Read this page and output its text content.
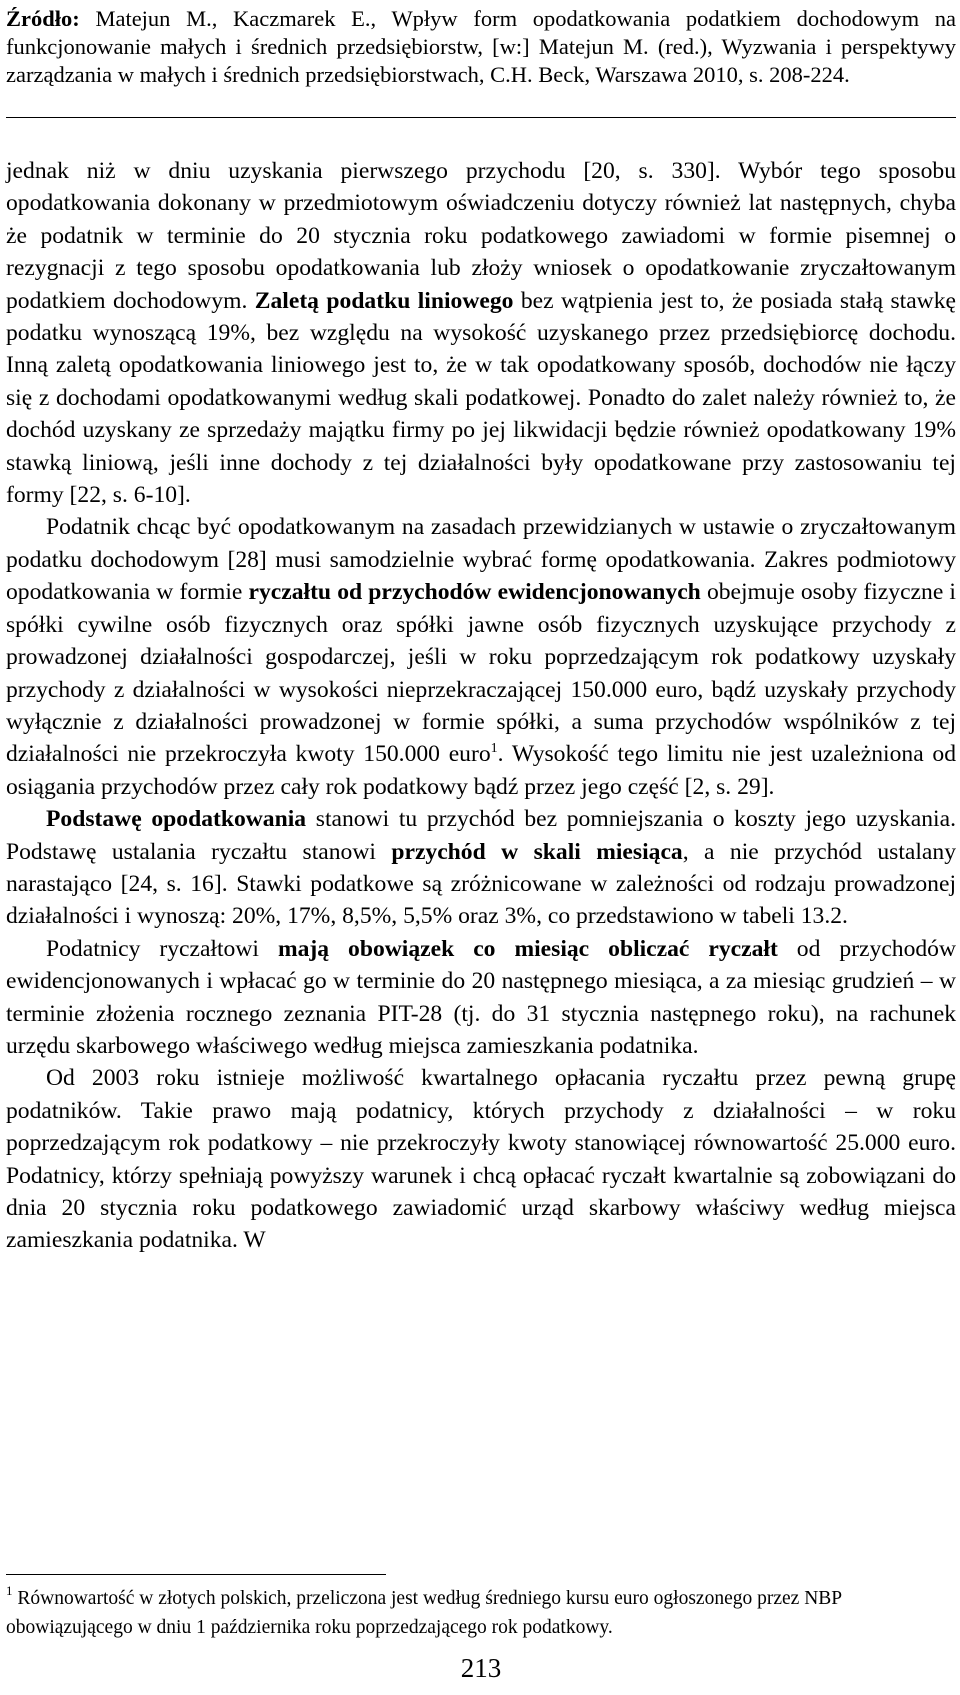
Źródło: Matejun M., Kaczmarek E., Wpływ form opodatkowania podatkiem dochodowym na funkcjonowanie małych i średnich przedsiębiorstw, [w:] Matejun M. (red.), Wyzwania i perspektywy zarządzania w małych i średnich przedsiębiorstwach, C.H. Beck, Warszawa 2010, s. 208-224.

jednak niż w dniu uzyskania pierwszego przychodu [20, s. 330]. Wybór tego sposobu opodatkowania dokonany w przedmiotowym oświadczeniu dotyczy również lat następnych, chyba że podatnik w terminie do 20 stycznia roku podatkowego zawiadomi w formie pisemnej o rezygnacji z tego sposobu opodatkowania lub złoży wniosek o opodatkowanie zryczałtowanym podatkiem dochodowym. Zaletą podatku liniowego bez wątpienia jest to, że posiada stałą stawkę podatku wynoszącą 19%, bez względu na wysokość uzyskanego przez przedsiębiorcę dochodu. Inną zaletą opodatkowania liniowego jest to, że w tak opodatkowany sposób, dochodów nie łączy się z dochodami opodatkowanymi według skali podatkowej. Ponadto do zalet należy również to, że dochód uzyskany ze sprzedaży majątku firmy po jej likwidacji będzie również opodatkowany 19% stawką liniową, jeśli inne dochody z tej działalności były opodatkowane przy zastosowaniu tej formy [22, s. 6-10].

Podatnik chcąc być opodatkowanym na zasadach przewidzianych w ustawie o zryczałtowanym podatku dochodowym [28] musi samodzielnie wybrać formę opodatkowania. Zakres podmiotowy opodatkowania w formie ryczałtu od przychodów ewidencjonowanych obejmuje osoby fizyczne i spółki cywilne osób fizycznych oraz spółki jawne osób fizycznych uzyskujące przychody z prowadzonej działalności gospodarczej, jeśli w roku poprzedzającym rok podatkowy uzyskały przychody z działalności w wysokości nieprzekraczającej 150.000 euro, bądź uzyskały przychody wyłącznie z działalności prowadzonej w formie spółki, a suma przychodów wspólników z tej działalności nie przekroczyła kwoty 150.000 euro$^1$. Wysokość tego limitu nie jest uzależniona od osiągania przychodów przez cały rok podatkowy bądź przez jego część [2, s. 29].

Podstawę opodatkowania stanowi tu przychód bez pomniejszania o koszty jego uzyskania. Podstawę ustalania ryczałtu stanowi przychód w skali miesiąca, a nie przychód ustalany narastająco [24, s. 16]. Stawki podatkowe są zróżnicowane w zależności od rodzaju prowadzonej działalności i wynoszą: 20%, 17%, 8,5%, 5,5% oraz 3%, co przedstawiono w tabeli 13.2.

Podatnicy ryczałtowi mają obowiązek co miesiąc obliczać ryczałt od przychodów ewidencjonowanych i wpłacać go w terminie do 20 następnego miesiąca, a za miesiąc grudzień – w terminie złożenia rocznego zeznania PIT-28 (tj. do 31 stycznia następnego roku), na rachunek urzędu skarbowego właściwego według miejsca zamieszkania podatnika.

Od 2003 roku istnieje możliwość kwartalnego opłacania ryczałtu przez pewną grupę podatników. Takie prawo mają podatnicy, których przychody z działalności – w roku poprzedzającym rok podatkowy – nie przekroczyły kwoty stanowiącej równowartość 25.000 euro. Podatnicy, którzy spełniają powyższy warunek i chcą opłacać ryczałt kwartalnie są zobowiązani do dnia 20 stycznia roku podatkowego zawiadomić urząd skarbowy właściwy według miejsca zamieszkania podatnika. W

$^1$ Równowartość w złotych polskich, przeliczona jest według średniego kursu euro ogłoszonego przez NBP obowiązującego w dniu 1 października roku poprzedzającego rok podatkowy.

213
